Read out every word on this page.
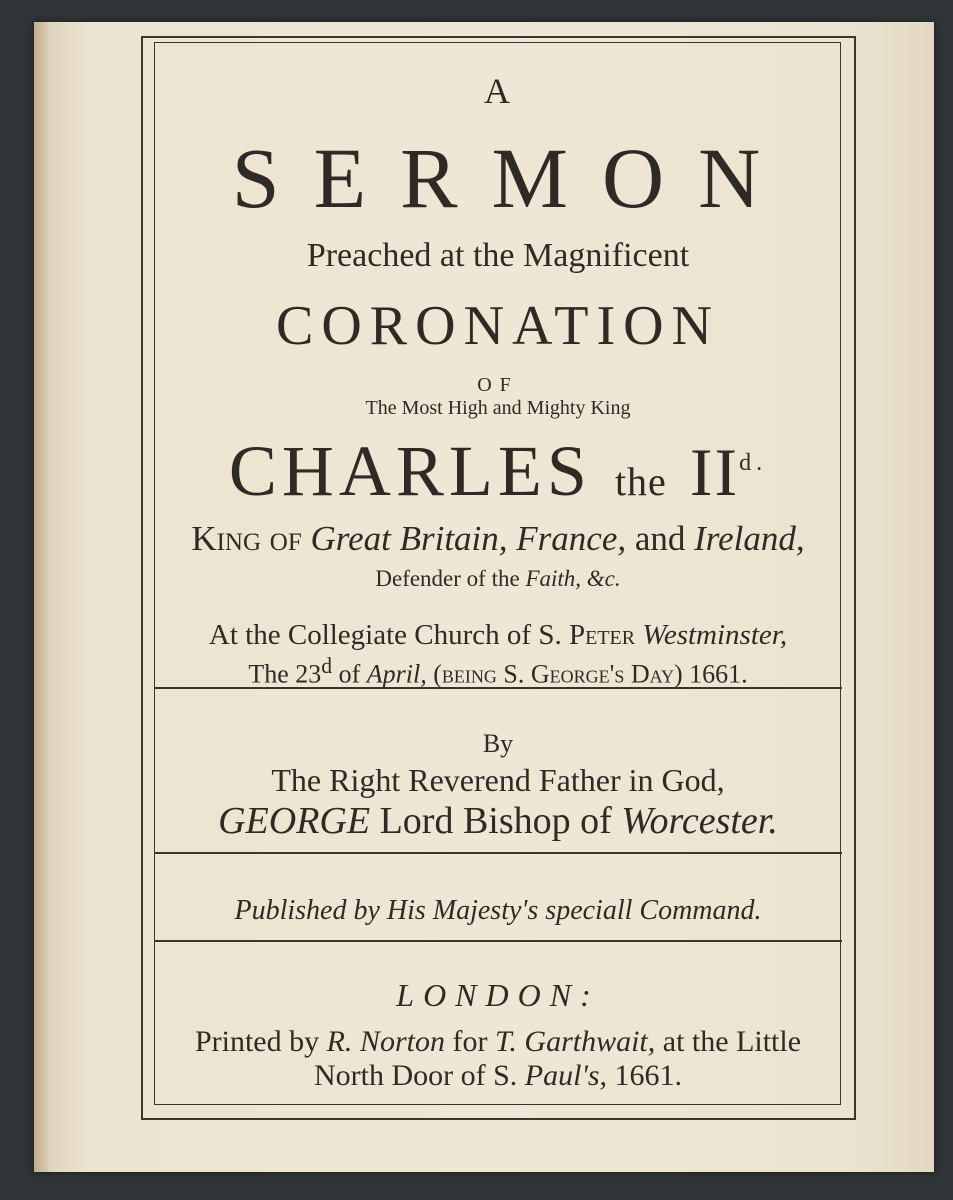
A
SERMON
Preached at the Magnificent
CORONATION
OF
The Most High and Mighty King
CHARLES the $II^{d.}$
King of Great Britain, France, and Ireland,
Defender of the Faith, &c.
At the Collegiate Church of S. Peter Westminster,
The 23$^d$ of April, (being S. George's Day) 1661.
By
The Right Reverend Father in God,
GEORGE Lord Bishop of Worcester.
Published by His Majesty's speciall Command.
LONDON:
Printed by R. Norton for T. Garthwait, at the Little
North Door of S. Paul's, 1661.
